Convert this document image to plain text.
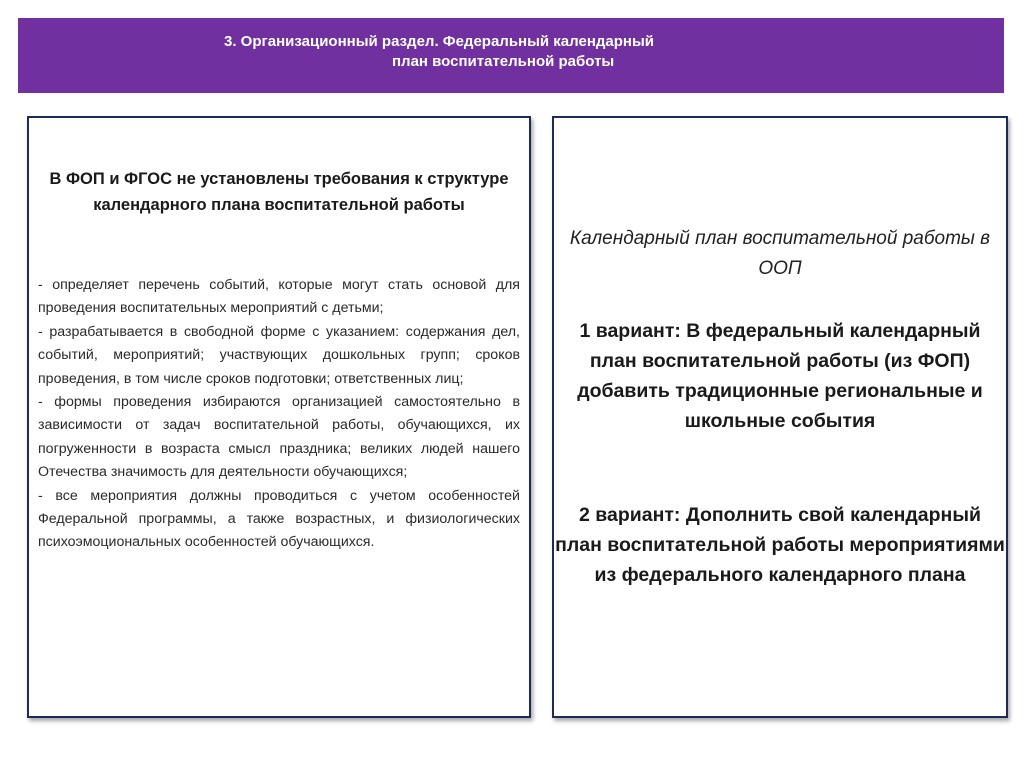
3. Организационный раздел. Федеральный календарный
план воспитательной работы
В ФОП и ФГОС не установлены требования к структуре календарного плана воспитательной работы

- определяет перечень событий, которые могут стать основой для проведения воспитательных мероприятий с детьми;

- разрабатывается в свободной форме с указанием: содержания дел, событий, мероприятий; участвующих дошкольных групп; сроков проведения, в том числе сроков подготовки; ответственных лиц;

- формы проведения избираются организацией самостоятельно в зависимости от задач воспитательной работы, обучающихся, их погруженности в возраста смысл праздника; великих людей нашего Отечества значимость для деятельности обучающихся;

- все мероприятия должны проводиться с учетом особенностей Федеральной программы, а также возрастных, и физиологических психоэмоциональных особенностей обучающихся.

Календарный план воспитательной работы в ООП
1 вариант: В федеральный календарный план воспитательной работы (из ФОП) добавить традиционные региональные и школьные события
2 вариант: Дополнить свой календарный план воспитательной работы мероприятиями из федерального календарного плана
